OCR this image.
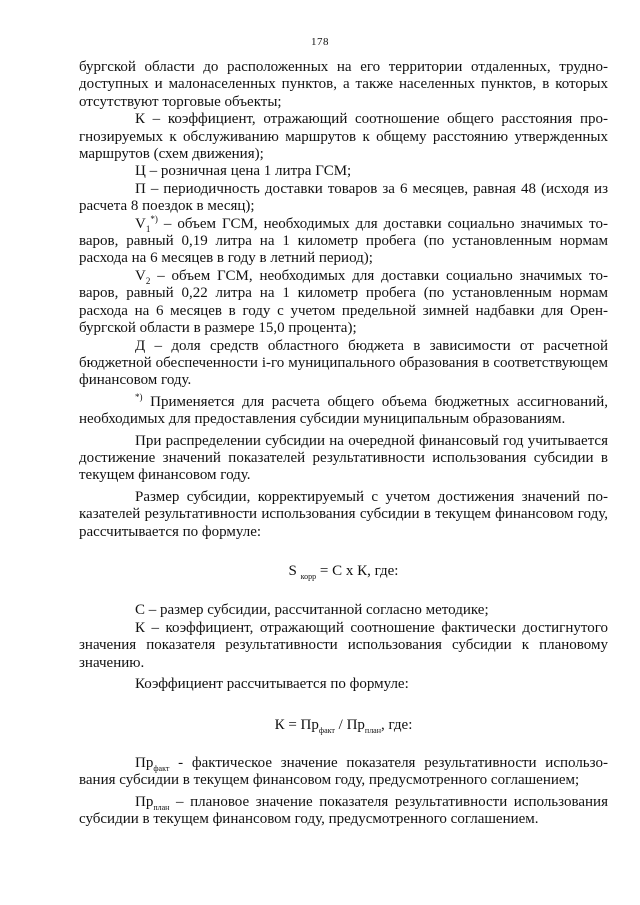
178

бургской области до расположенных на его территории отдаленных, труднодоступных и малонаселенных пунктов, а также населенных пунктов, в которых отсутствуют торговые объекты;

К – коэффициент, отражающий соотношение общего расстояния прогнозируемых к обслуживанию маршрутов к общему расстоянию утвержденных маршрутов (схем движения);

Ц – розничная цена 1 литра ГСМ;

П – периодичность доставки товаров за 6 месяцев, равная 48 (исходя из расчета 8 поездок в месяц);

$V_1^{*)}$ – объем ГСМ, необходимых для доставки социально значимых товаров, равный 0,19 литра на 1 километр пробега (по установленным нормам расхода на 6 месяцев в году в летний период);

$V_2$ – объем ГСМ, необходимых для доставки социально значимых товаров, равный 0,22 литра на 1 километр пробега (по установленным нормам расхода на 6 месяцев в году с учетом предельной зимней надбавки для Оренбургской области в размере 15,0 процента);

Д – доля средств областного бюджета в зависимости от расчетной бюджетной обеспеченности i-го муниципального образования в соответствующем финансовом году.

*) Применяется для расчета общего объема бюджетных ассигнований, необходимых для предоставления субсидии муниципальным образованиям.

При распределении субсидии на очередной финансовый год учитывается достижение значений показателей результативности использования субсидии в текущем финансовом году.

Размер субсидии, корректируемый с учетом достижения значений показателей результативности использования субсидии в текущем финансовом году, рассчитывается по формуле:

S $_{корр}$ = С х К, где:

С – размер субсидии, рассчитанной согласно методике;

К – коэффициент, отражающий соотношение фактически достигнутого значения показателя результативности использования субсидии к плановому значению.

Коэффициент рассчитывается по формуле:

$К = Пр_{факт} / Пр_{план}$, где:

$Пр_{факт}$ - фактическое значение показателя результативности использования субсидии в текущем финансовом году, предусмотренного соглашением;

$Пр_{план}$ – плановое значение показателя результативности использования субсидии в текущем финансовом году, предусмотренного соглашением.
